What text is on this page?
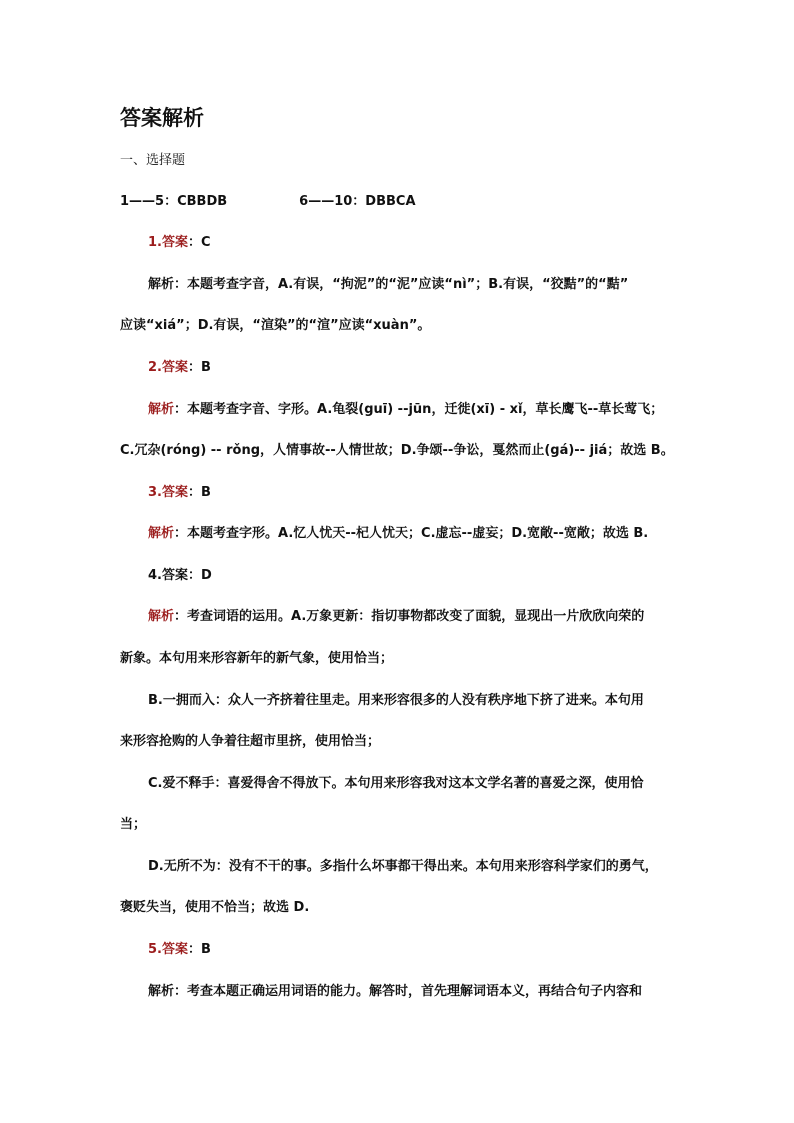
答案解析
一、选择题
1——5：CBBDB	6——10：DBBCA
1.答案：C
解析：本题考查字音，A.有误，“拘泥”的“泥”应读“nì”；B.有误，“狡黠”的“黠”
应读“xiá”；D.有误，“渲染”的“渲”应读“xuàn”。
2.答案：B
解析：本题考查字音、字形。A.龟裂(guī) --jūn，迁徙(xī) - xǐ，草长鹰飞--草长莺飞；
C.冗杂(róng) -- rǒng，人情事故--人情世故；D.争颂--争讼，戛然而止(gá)-- jiá；故选 B。
3.答案：B
解析：本题考查字形。A.忆人忧天--杞人忧天；C.虚忘--虚妄；D.宽敞--宽敞；故选 B.
4.答案：D
解析：考查词语的运用。A.万象更新：指切事物都改变了面貌，显现出一片欣欣向荣的
新象。本句用来形容新年的新气象，使用恰当；
B.一拥而入：众人一齐挤着往里走。用来形容很多的人没有秩序地下挤了进来。本句用
来形容抢购的人争着往超市里挤，使用恰当；
C.爱不释手：喜爱得舍不得放下。本句用来形容我对这本文学名著的喜爱之深，使用恰
当；
D.无所不为：没有不干的事。多指什么坏事都干得出来。本句用来形容科学家们的勇气，
褒贬失当，使用不恰当；故选 D.
5.答案：B
解析：考查本题正确运用词语的能力。解答时，首先理解词语本义，再结合句子内容和
